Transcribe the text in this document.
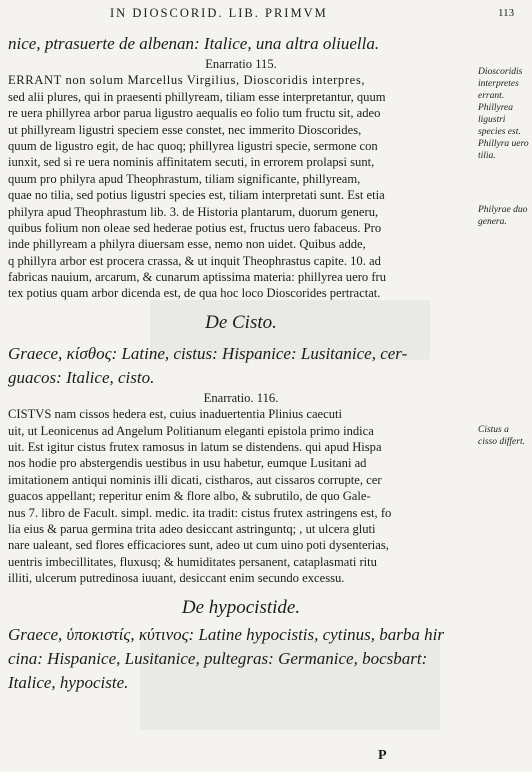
IN DIOSCORID. LIB. PRIMVM	113
nice, ptrasuerte de albenan: Italice, una altra oliuella.
Enarratio 115.
ERRANT non solum Marcellus Virgilius, Dioscoridis interpres,
sed alii plures, qui in praesenti phillyream, tiliam esse interpretantur, quum
re uera phillyrea arbor parua ligustro aequalis eo folio tum fructu sit, adeo
ut phillyream ligustri speciem esse constet, nec immerito Dioscorides,
quum de ligustro egit, de hac quoq; phillyrea ligustri specie, sermone con
iunxit, sed si re uera nominis affinitatem secuti, in errorem prolapsi sunt,
quum pro philyra apud Theophrastum, tiliam significante, phillyream,
quae no tilia, sed potius ligustri species est, tiliam interpretati sunt. Est etia
philyra apud Theophrastum lib. 3. de Historia plantarum, duorum generu,
quibus folium non oleae sed hederae potius est, fructus uero fabaceus. Pro
inde phillyream a philyra diuersam esse, nemo non uidet. Quibus adde,
q phillyra arbor est procera crassa, & ut inquit Theophrastus capite. 10. ad
fabricas nauium, arcarum, & cunarum aptissima materia: phillyrea uero fru
tex potius quam arbor dicenda est, de qua hoc loco Dioscorides pertractat.
De Cisto.
Graece, κίσθος: Latine, cistus: Hispanice: Lusitanice, cer-
guacos: Italice, cisto.
Enarratio. 116.
CISTVS nam cissos hedera est, cuius inaduertentia Plinius caecuti
uit, ut Leonicenus ad Angelum Politianum eleganti epistola primo indica
uit. Est igitur cistus frutex ramosus in latum se distendens. qui apud Hispa
nos hodie pro abstergendis uestibus in usu habetur, eumque Lusitani ad
imitationem antiqui nominis illi dicati, cistharos, aut cissaros corrupte, cer
guacos appellant; reperitur enim & flore albo, & subrutilo, de quo Gale-
nus 7. libro de Facult. simpl. medic. ita tradit: cistus frutex astringens est, fo
lia eius & parua germina trita adeo desiccant astringuntq; , ut ulcera gluti
nare ualeant, sed flores efficaciores sunt, adeo ut cum uino poti dysenterias,
uentris imbecillitates, fluxusq; & humiditates persanent, cataplasmati ritu
illiti, ulcerum putredinosa iuuant, desiccant enim secundo excessu.
De hypocistide.
Graece, ὑποκιστίς, κύτινος: Latine hypocistis, cytinus, barba hir
cina: Hispanice, Lusitanice, pultegras: Germanice, bocsbart:
Italice, hypociste.
Dioscoridis interpretes errant. Phillyrea ligustri species est. Phillyra uero tilia.
Philyrae duo genera.
Cistus a cisso differt.
P
